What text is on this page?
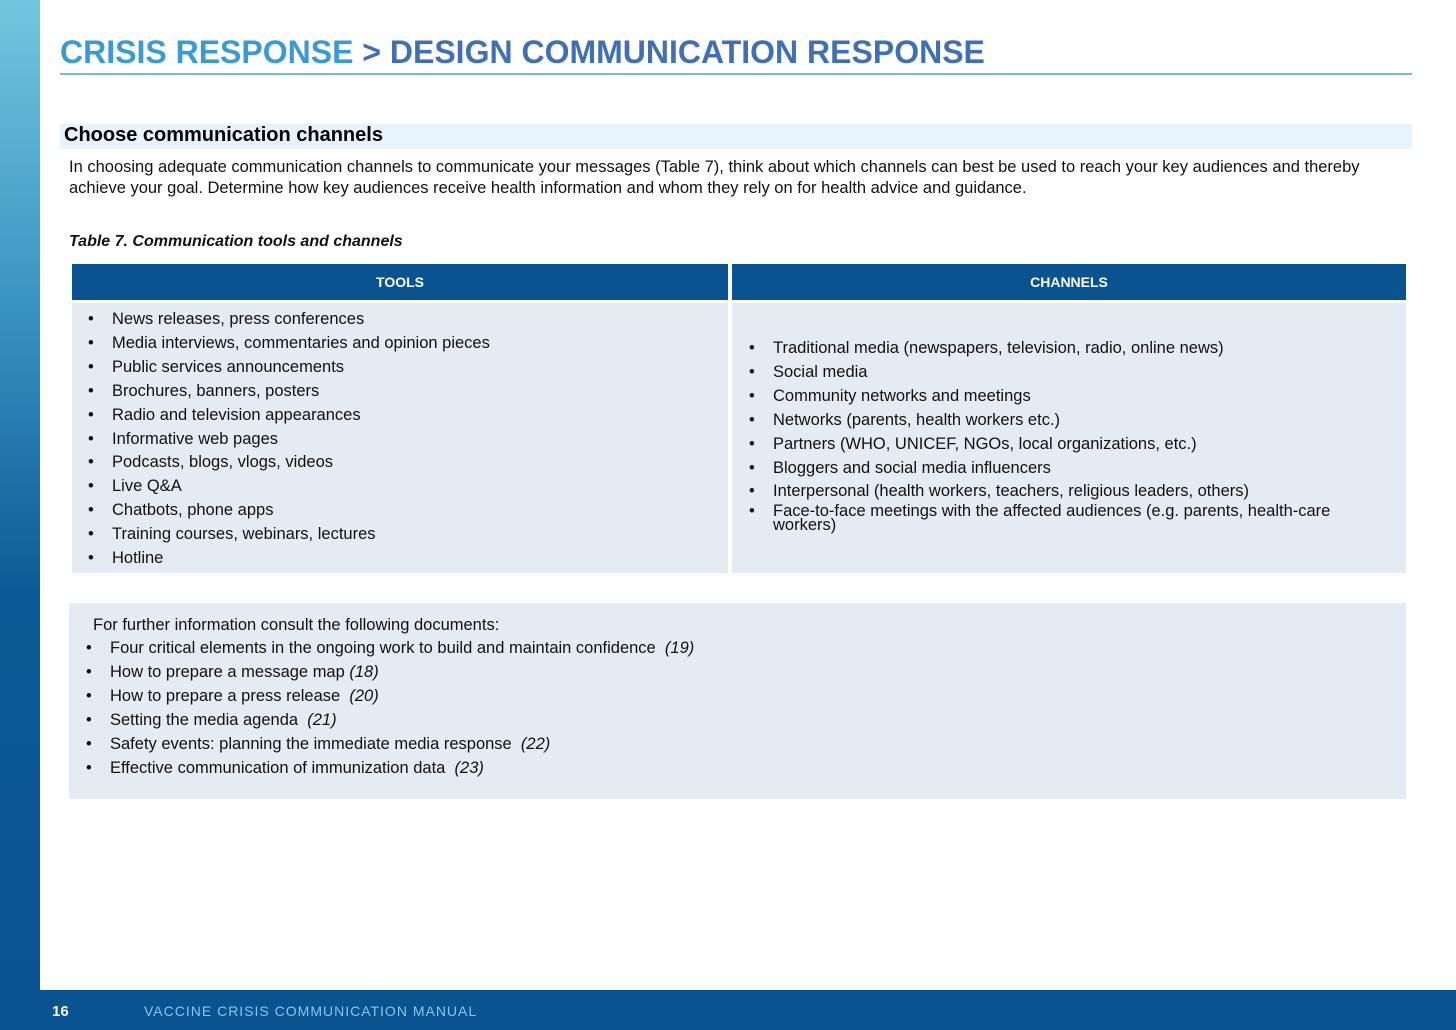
CRISIS RESPONSE > DESIGN COMMUNICATION RESPONSE
Choose communication channels
In choosing adequate communication channels to communicate your messages (Table 7), think about which channels can best be used to reach your key audiences and thereby achieve your goal. Determine how key audiences receive health information and whom they rely on for health advice and guidance.
Table 7. Communication tools and channels
TOOLS	CHANNELS
• News releases, press conferences
• Media interviews, commentaries and opinion pieces
• Public services announcements
• Brochures, banners, posters
• Radio and television appearances
• Informative web pages
• Podcasts, blogs, vlogs, videos
• Live Q&A
• Chatbots, phone apps
• Training courses, webinars, lectures
• Hotline
• Traditional media (newspapers, television, radio, online news)
• Social media
• Community networks and meetings
• Networks (parents, health workers etc.)
• Partners (WHO, UNICEF, NGOs, local organizations, etc.)
• Bloggers and social media influencers
• Interpersonal (health workers, teachers, religious leaders, others)
• Face-to-face meetings with the affected audiences (e.g. parents, health-care workers)
For further information consult the following documents:
• Four critical elements in the ongoing work to build and maintain confidence (19)
• How to prepare a message map (18)
• How to prepare a press release (20)
• Setting the media agenda (21)
• Safety events: planning the immediate media response (22)
• Effective communication of immunization data (23)
16	VACCINE CRISIS COMMUNICATION MANUAL
